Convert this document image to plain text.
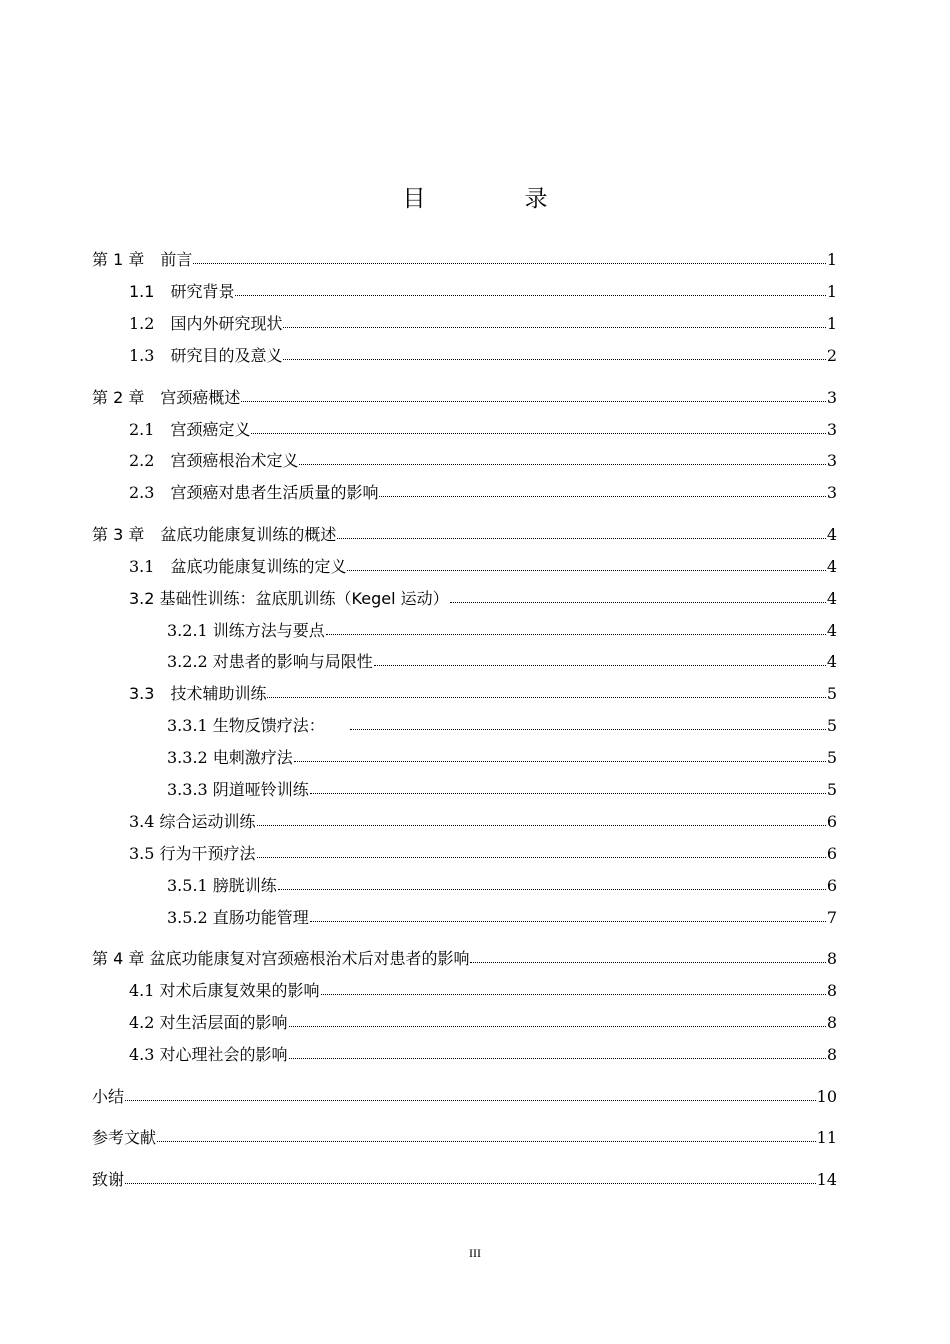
目　录
第 1 章　前言	1
1.1　研究背景	1
1.2　国内外研究现状	1
1.3　研究目的及意义	2
第 2 章　宫颈癌概述	3
2.1　宫颈癌定义	3
2.2　宫颈癌根治术定义	3
2.3　宫颈癌对患者生活质量的影响	3
第 3 章　盆底功能康复训练的概述	4
3.1　盆底功能康复训练的定义	4
3.2 基础性训练：盆底肌训练（Kegel 运动）	4
3.2.1 训练方法与要点	4
3.2.2 对患者的影响与局限性	4
3.3　技术辅助训练	5
3.3.1 生物反馈疗法：	5
3.3.2 电刺激疗法	5
3.3.3 阴道哑铃训练	5
3.4 综合运动训练	6
3.5 行为干预疗法	6
3.5.1 膀胱训练	6
3.5.2 直肠功能管理	7
第 4 章 盆底功能康复对宫颈癌根治术后对患者的影响	8
4.1 对术后康复效果的影响	8
4.2 对生活层面的影响	8
4.3 对心理社会的影响	8
小结	10
参考文献	11
致谢	14
III
